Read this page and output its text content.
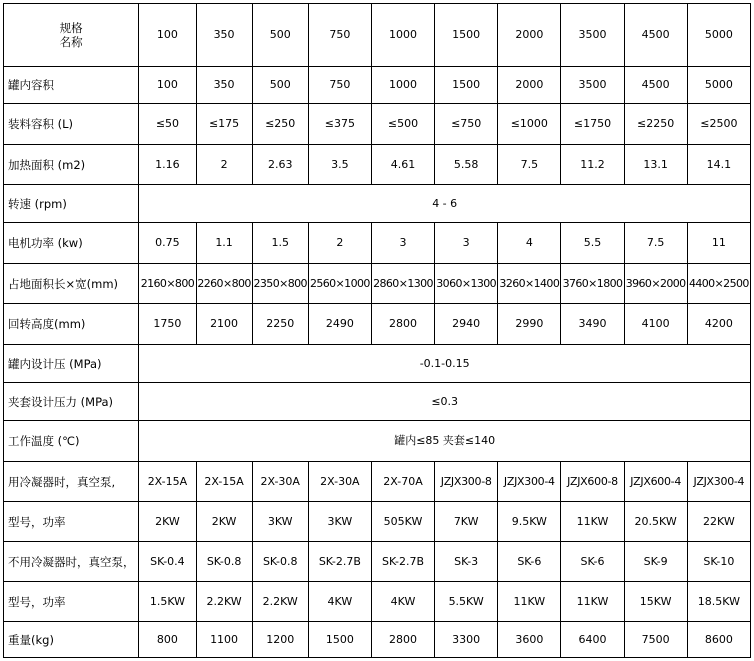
规格
名称	100	350	500	750	1000	1500	2000	3500	4500	5000
罐内容积	100	350	500	750	1000	1500	2000	3500	4500	5000
装料容积 (L)	≤50	≤175	≤250	≤375	≤500	≤750	≤1000	≤1750	≤2250	≤2500
加热面积 (m2)	1.16	2	2.63	3.5	4.61	5.58	7.5	11.2	13.1	14.1
转速 (rpm)	4 - 6									
电机功率 (kw)	0.75	1.1	1.5	2	3	3	4	5.5	7.5	11
占地面积长×宽(mm)	2160×800	2260×800	2350×800	2560×1000	2860×1300	3060×1300	3260×1400	3760×1800	3960×2000	4400×2500
回转高度(mm)	1750	2100	2250	2490	2800	2940	2990	3490	4100	4200
罐内设计压 (MPa)	-0.1-0.15									
夹套设计压力 (MPa)	≤0.3									
工作温度 (℃)	罐内≤85 夹套≤140									
用冷凝器时，真空泵,	2X-15A	2X-15A	2X-30A	2X-30A	2X-70A	JZJX300-8	JZJX300-4	JZJX600-8	JZJX600-4	JZJX300-4
型号，功率	2KW	2KW	3KW	3KW	505KW	7KW	9.5KW	11KW	20.5KW	22KW
不用冷凝器时，真空泵，	SK-0.4	SK-0.8	SK-0.8	SK-2.7B	SK-2.7B	SK-3	SK-6	SK-6	SK-9	SK-10
型号，功率	1.5KW	2.2KW	2.2KW	4KW	4KW	5.5KW	11KW	11KW	15KW	18.5KW
重量(kg)	800	1100	1200	1500	2800	3300	3600	6400	7500	8600
